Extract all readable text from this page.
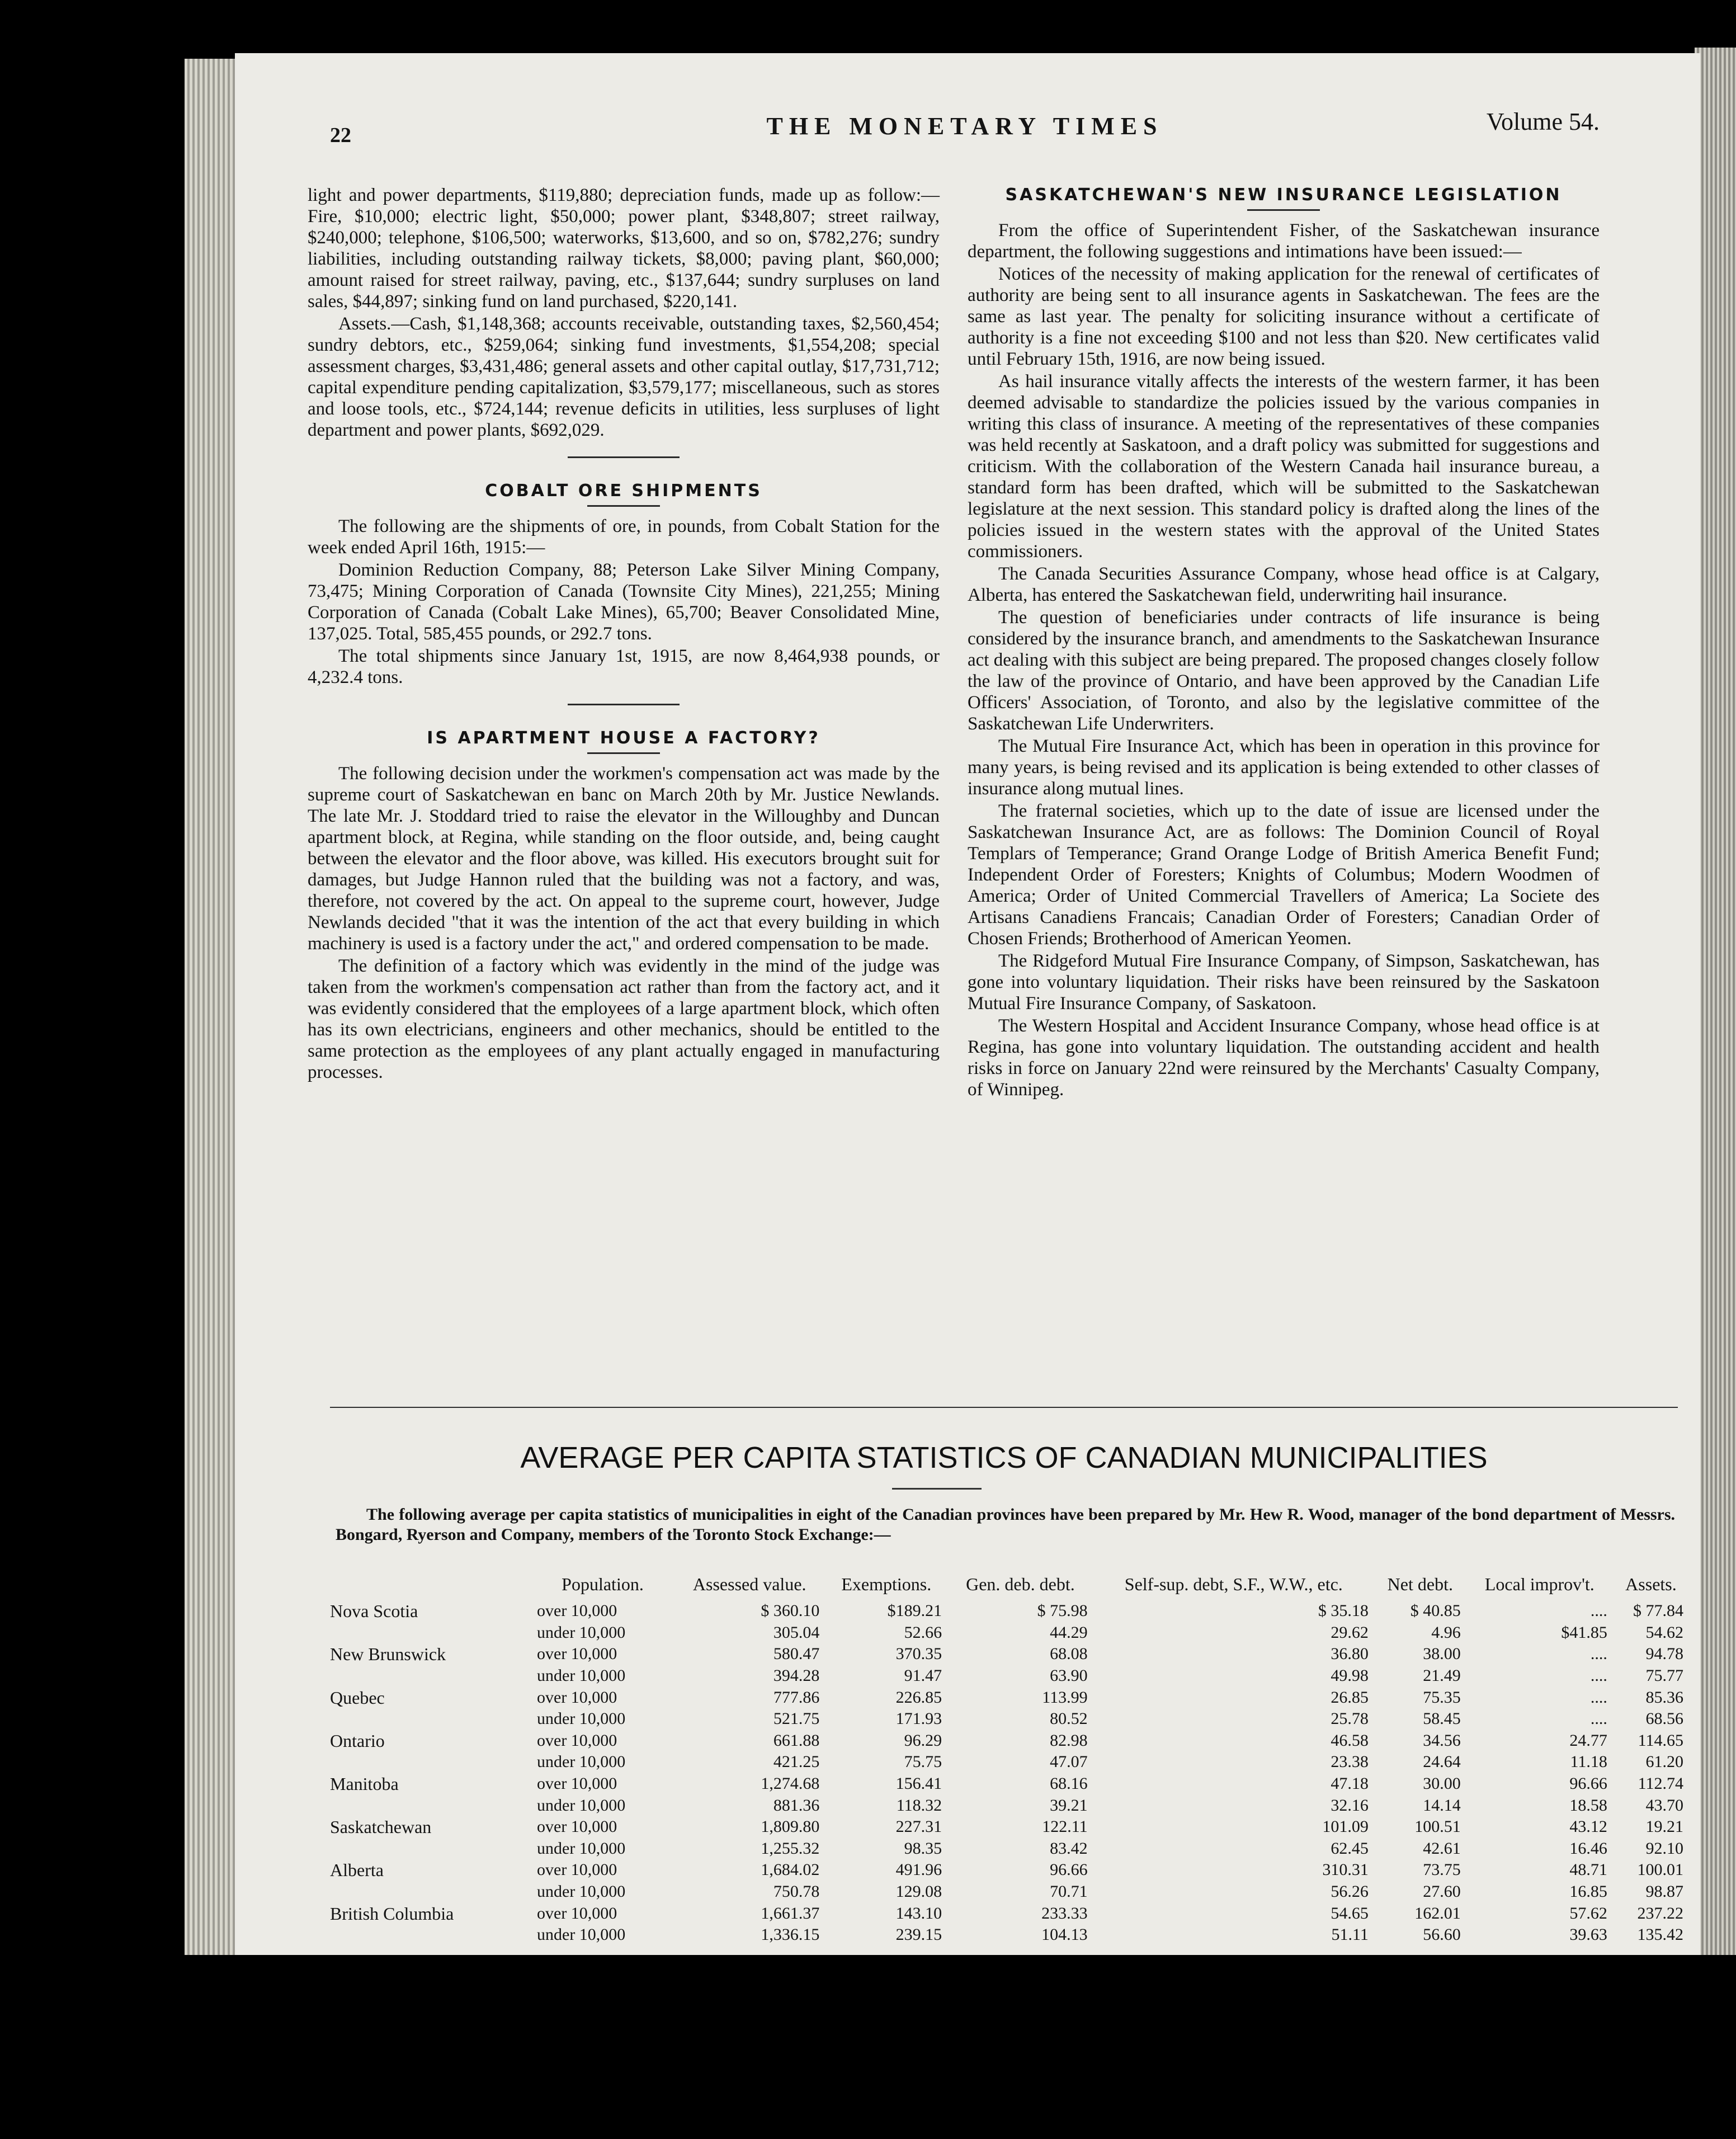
22	THE MONETARY TIMES	Volume 54.

light and power departments, $119,880; depreciation funds, made up as follow:—Fire, $10,000; electric light, $50,000; power plant, $348,807; street railway, $240,000; telephone, $106,500; waterworks, $13,600, and so on, $782,276; sundry liabilities, including outstanding railway tickets, $8,000; paving plant, $60,000; amount raised for street railway, paving, etc., $137,644; sundry surpluses on land sales, $44,897; sinking fund on land purchased, $220,141.

Assets.—Cash, $1,148,368; accounts receivable, outstanding taxes, $2,560,454; sundry debtors, etc., $259,064; sinking fund investments, $1,554,208; special assessment charges, $3,431,486; general assets and other capital outlay, $17,731,712; capital expenditure pending capitalization, $3,579,177; miscellaneous, such as stores and loose tools, etc., $724,144; revenue deficits in utilities, less surpluses of light department and power plants, $692,029.

COBALT ORE SHIPMENTS

The following are the shipments of ore, in pounds, from Cobalt Station for the week ended April 16th, 1915:—

Dominion Reduction Company, 88; Peterson Lake Silver Mining Company, 73,475; Mining Corporation of Canada (Townsite City Mines), 221,255; Mining Corporation of Canada (Cobalt Lake Mines), 65,700; Beaver Consolidated Mine, 137,025. Total, 585,455 pounds, or 292.7 tons.

The total shipments since January 1st, 1915, are now 8,464,938 pounds, or 4,232.4 tons.

IS APARTMENT HOUSE A FACTORY?

The following decision under the workmen's compensation act was made by the supreme court of Saskatchewan en banc on March 20th by Mr. Justice Newlands. The late Mr. J. Stoddard tried to raise the elevator in the Willoughby and Duncan apartment block, at Regina, while standing on the floor outside, and, being caught between the elevator and the floor above, was killed. His executors brought suit for damages, but Judge Hannon ruled that the building was not a factory, and was, therefore, not covered by the act. On appeal to the supreme court, however, Judge Newlands decided "that it was the intention of the act that every building in which machinery is used is a factory under the act," and ordered compensation to be made.

The definition of a factory which was evidently in the mind of the judge was taken from the workmen's compensation act rather than from the factory act, and it was evidently considered that the employees of a large apartment block, which often has its own electricians, engineers and other mechanics, should be entitled to the same protection as the employees of any plant actually engaged in manufacturing processes.

SASKATCHEWAN'S NEW INSURANCE LEGISLATION

From the office of Superintendent Fisher, of the Saskatchewan insurance department, the following suggestions and intimations have been issued:—

Notices of the necessity of making application for the renewal of certificates of authority are being sent to all insurance agents in Saskatchewan. The fees are the same as last year. The penalty for soliciting insurance without a certificate of authority is a fine not exceeding $100 and not less than $20. New certificates valid until February 15th, 1916, are now being issued.

As hail insurance vitally affects the interests of the western farmer, it has been deemed advisable to standardize the policies issued by the various companies in writing this class of insurance. A meeting of the representatives of these companies was held recently at Saskatoon, and a draft policy was submitted for suggestions and criticism. With the collaboration of the Western Canada hail insurance bureau, a standard form has been drafted, which will be submitted to the Saskatchewan legislature at the next session. This standard policy is drafted along the lines of the policies issued in the western states with the approval of the United States commissioners.

The Canada Securities Assurance Company, whose head office is at Calgary, Alberta, has entered the Saskatchewan field, underwriting hail insurance.

The question of beneficiaries under contracts of life insurance is being considered by the insurance branch, and amendments to the Saskatchewan Insurance act dealing with this subject are being prepared. The proposed changes closely follow the law of the province of Ontario, and have been approved by the Canadian Life Officers' Association, of Toronto, and also by the legislative committee of the Saskatchewan Life Underwriters.

The Mutual Fire Insurance Act, which has been in operation in this province for many years, is being revised and its application is being extended to other classes of insurance along mutual lines.

The fraternal societies, which up to the date of issue are licensed under the Saskatchewan Insurance Act, are as follows: The Dominion Council of Royal Templars of Temperance; Grand Orange Lodge of British America Benefit Fund; Independent Order of Foresters; Knights of Columbus; Modern Woodmen of America; Order of United Commercial Travellers of America; La Societe des Artisans Canadiens Francais; Canadian Order of Foresters; Canadian Order of Chosen Friends; Brotherhood of American Yeomen.

The Ridgeford Mutual Fire Insurance Company, of Simpson, Saskatchewan, has gone into voluntary liquidation. Their risks have been reinsured by the Saskatoon Mutual Fire Insurance Company, of Saskatoon.

The Western Hospital and Accident Insurance Company, whose head office is at Regina, has gone into voluntary liquidation. The outstanding accident and health risks in force on January 22nd were reinsured by the Merchants' Casualty Company, of Winnipeg.

AVERAGE PER CAPITA STATISTICS OF CANADIAN MUNICIPALITIES
The following average per capita statistics of municipalities in eight of the Canadian provinces have been prepared by Mr. Hew R. Wood, manager of the bond department of Messrs. Bongard, Ryerson and Company, members of the Toronto Stock Exchange:—
	Population.	Assessed value.	Exemptions.	Gen. deb. debt.	Self-sup. debt, S.F., W.W., etc.	Net debt.	Local improv't.	Assets.
Nova Scotia	over 10,000	$ 360.10	$189.21	$ 75.98	$ 35.18	$ 40.85	....	$ 77.84
	under 10,000	305.04	52.66	44.29	29.62	4.96	$41.85	54.62
New Brunswick	over 10,000	580.47	370.35	68.08	36.80	38.00	....	94.78
	under 10,000	394.28	91.47	63.90	49.98	21.49	....	75.77
Quebec	over 10,000	777.86	226.85	113.99	26.85	75.35	....	85.36
	under 10,000	521.75	171.93	80.52	25.78	58.45	....	68.56
Ontario	over 10,000	661.88	96.29	82.98	46.58	34.56	24.77	114.65
	under 10,000	421.25	75.75	47.07	23.38	24.64	11.18	61.20
Manitoba	over 10,000	1,274.68	156.41	68.16	47.18	30.00	96.66	112.74
	under 10,000	881.36	118.32	39.21	32.16	14.14	18.58	43.70
Saskatchewan	over 10,000	1,809.80	227.31	122.11	101.09	100.51	43.12	19.21
	under 10,000	1,255.32	98.35	83.42	62.45	42.61	16.46	92.10
Alberta	over 10,000	1,684.02	491.96	96.66	310.31	73.75	48.71	100.01
	under 10,000	750.78	129.08	70.71	56.26	27.60	16.85	98.87
British Columbia	over 10,000	1,661.37	143.10	233.33	54.65	162.01	57.62	237.22
	under 10,000	1,336.15	239.15	104.13	51.11	56.60	39.63	135.42
